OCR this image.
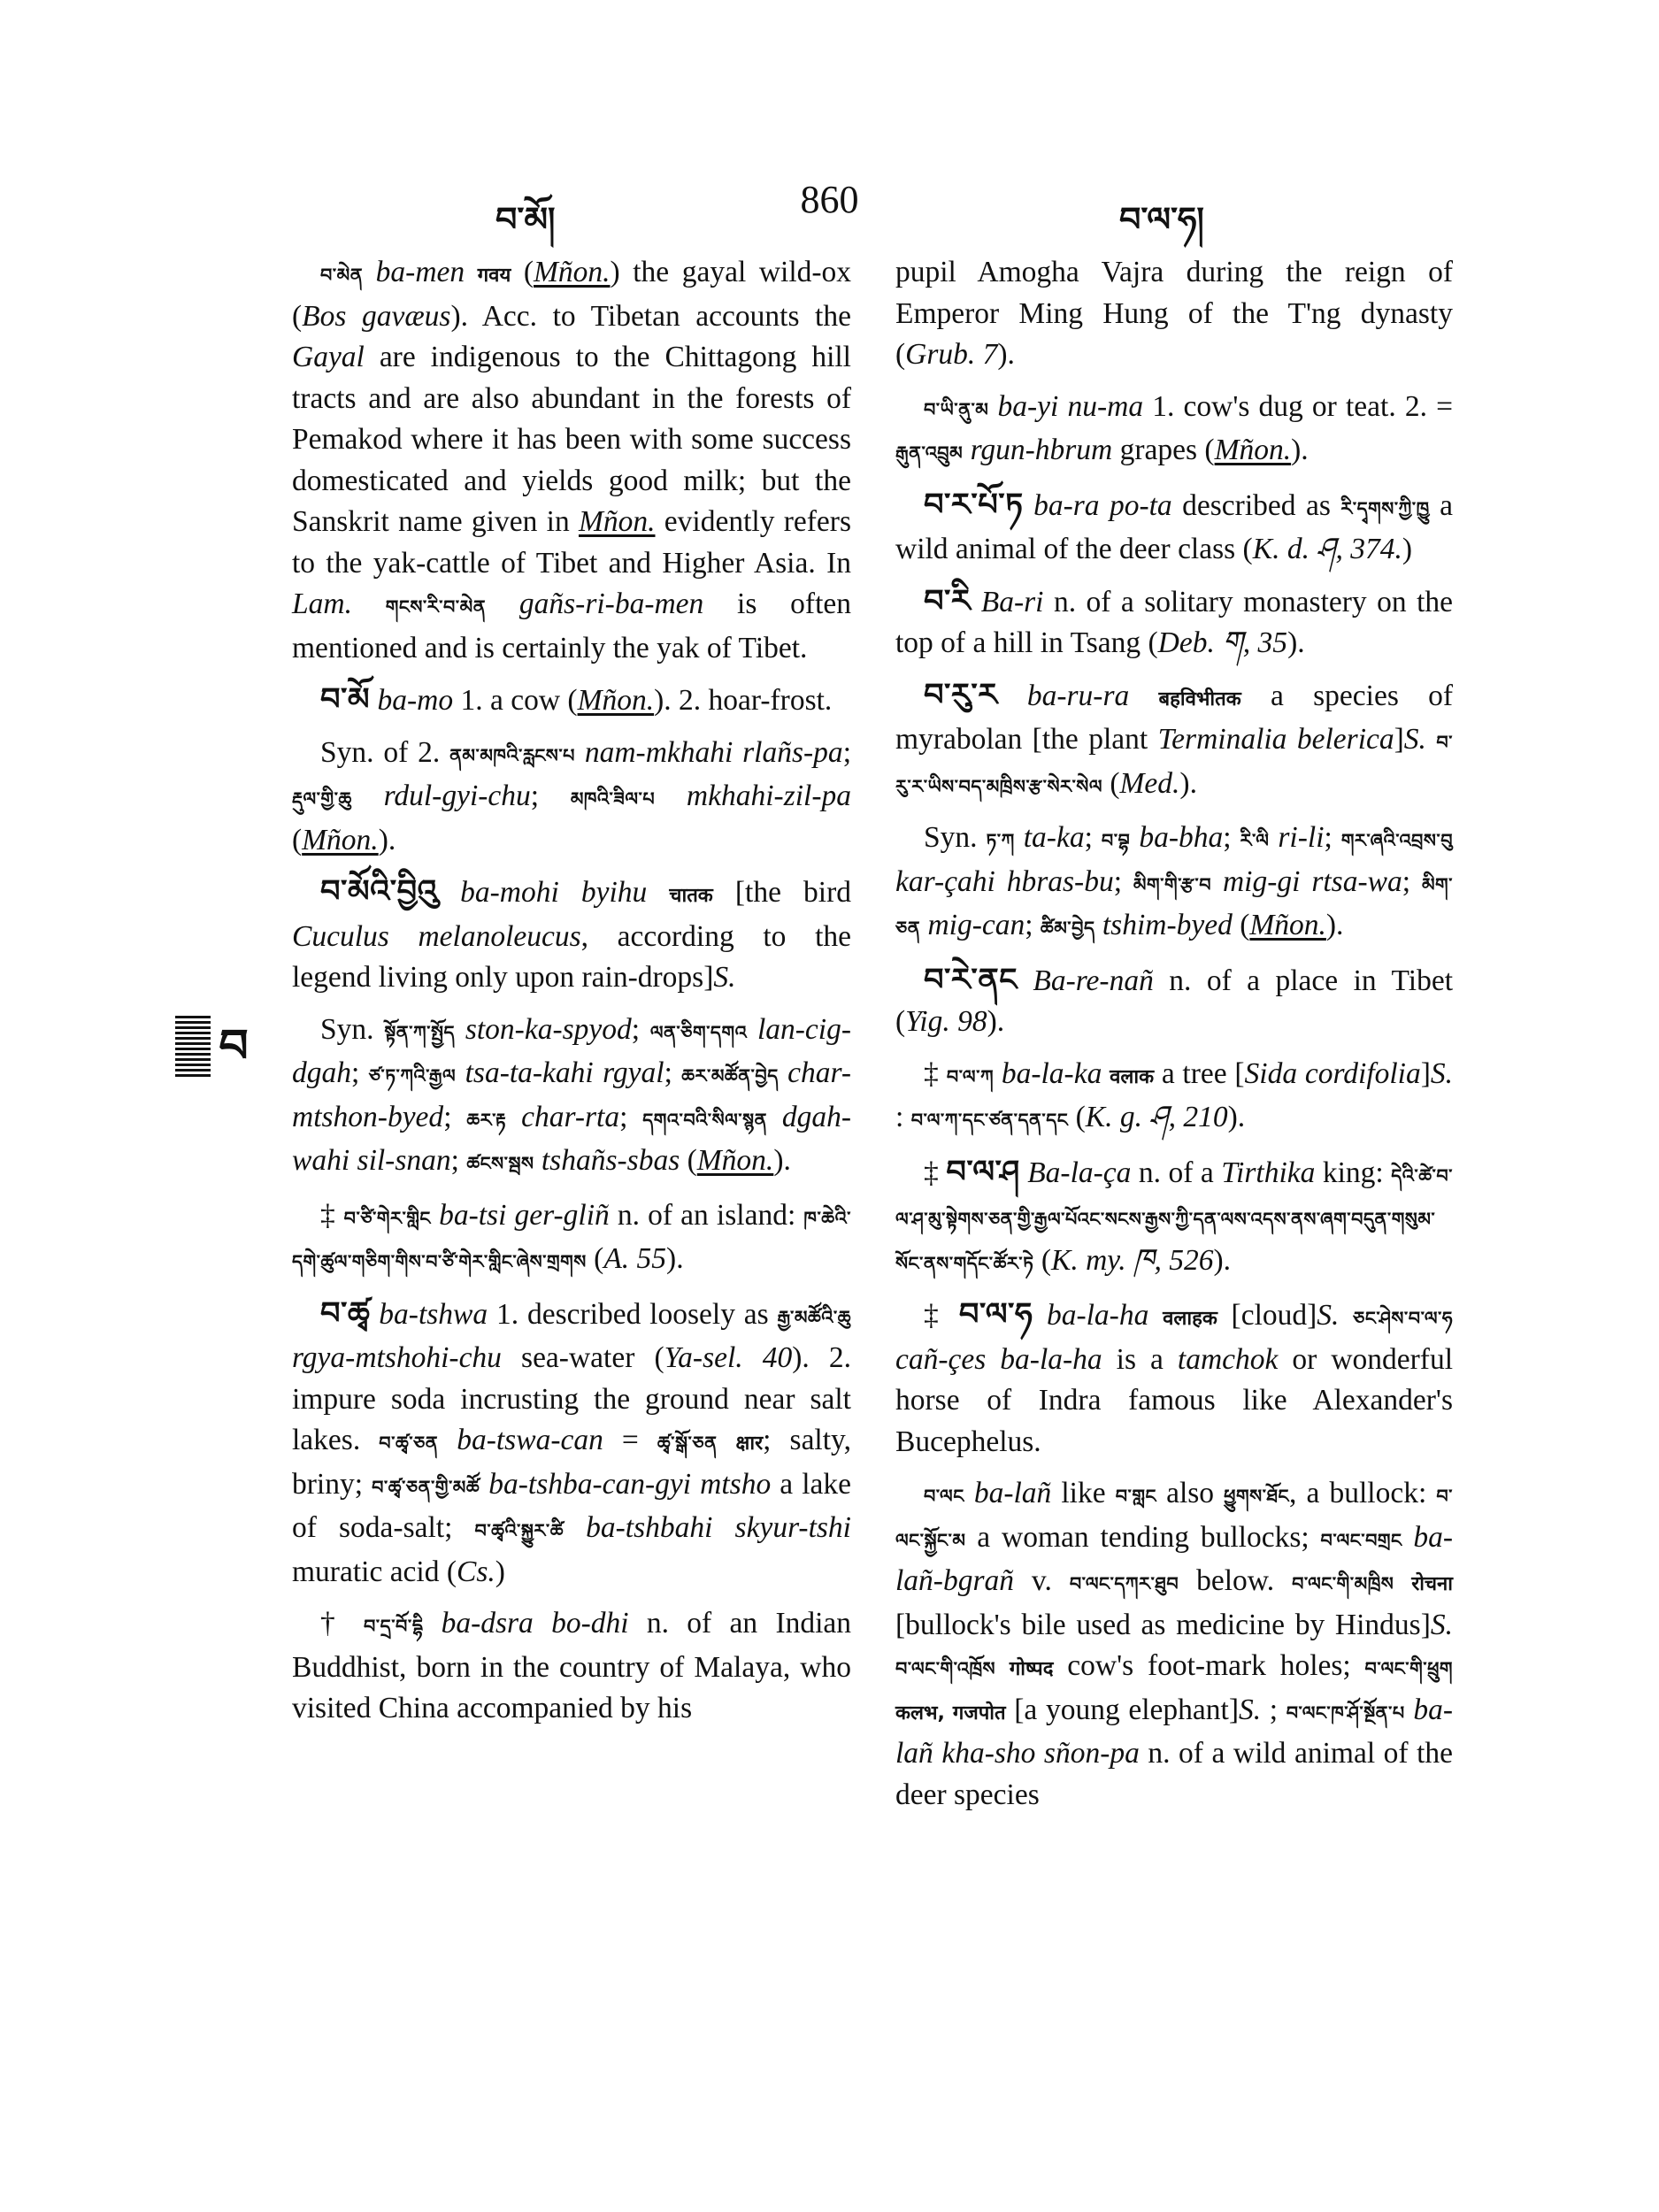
བ་མོ།	860	བ་ལ་ཧ།
བ

བ་མེན ba-men गवय (Mñon.) the gayal wild-ox (Bos gavæus). Acc. to Tibetan accounts the Gayal are indigenous to the Chittagong hill tracts and are also abundant in the forests of Pemakod where it has been with some success domesticated and yields good milk; but the Sanskrit name given in Mñon. evidently refers to the yak-cattle of Tibet and Higher Asia. In Lam. གངས་རི་བ་མེན gañs-ri-ba-men is often mentioned and is certainly the yak of Tibet.

བ་མོ ba-mo 1. a cow (Mñon.). 2. hoar-frost.

Syn. of 2. ནམ་མཁའི་རླངས་པ nam-mkhahi rlañs-pa; རྡུལ་གྱི་ཆུ rdul-gyi-chu; མཁའི་ཟིལ་པ mkhahi-zil-pa (Mñon.).

བ་མོའི་བྱིའུ ba-mohi byihu चातक [the bird Cuculus melanoleucus, according to the legend living only upon rain-drops]S.

Syn. སྟོན་ཀ་སྤྱོད ston-ka-spyod; ལན་ཅིག་དགའ lan-cig-dgah; ཙ་ཏ་ཀའི་རྒྱལ tsa-ta-kahi rgyal; ཆར་མཚོན་བྱེད char-mtshon-byed; ཆར་རྟ char-rta; དགའ་བའི་སིལ་སྙན dgah-wahi sil-snan; ཚངས་སྦས tshañs-sbas (Mñon.).

‡ བ་ཙི་གེར་གླིང ba-tsi ger-gliñ n. of an island: ཁ་ཆེའི་དགེ་ཚུལ་གཅིག་གིས་བ་ཙི་གེར་གླིང་ཞེས་གྲགས (A. 55).

བ་ཚྭ ba-tshwa 1. described loosely as རྒྱ་མཚོའི་ཆུ rgya-mtshohi-chu sea-water (Ya-sel. 40). 2. impure soda incrusting the ground near salt lakes. བ་ཚྭ་ཅན ba-tswa-can = ཚྭ་སྒོ་ཅན क्षार; salty, briny; བ་ཚྭ་ཅན་གྱི་མཚོ ba-tshba-can-gyi mtsho a lake of soda-salt; བ་ཚྭའི་སྐྱུར་ཚི ba-tshbahi skyur-tshi muratic acid (Cs.)

† བ་དྲ་བོ་དྷི ba-dsra bo-dhi n. of an Indian Buddhist, born in the country of Malaya, who visited China accompanied by his

pupil Amogha Vajra during the reign of Emperor Ming Hung of the T'ng dynasty (Grub. 7).

བ་ཡི་ནུ་མ ba-yi nu-ma 1. cow's dug or teat. 2. = རྒུན་འབྲུམ rgun-hbrum grapes (Mñon.).

བ་ར་པོ་ཏ ba-ra po-ta described as རི་དྭགས་ཀྱི་ཁྱུ a wild animal of the deer class (K. d. ཤ, 374.)

བ་རི Ba-ri n. of a solitary monastery on the top of a hill in Tsang (Deb. ག, 35).

བ་རུ་ར ba-ru-ra बहविभीतक a species of myrabolan [the plant Terminalia belerica]S. བ་རུ་ར་ཡིས་བད་མཁྲིས་རྩ་སེར་སེལ (Med.).

Syn. ཏ་ཀ ta-ka; བ་བྷ ba-bha; རི་ལི ri-li; གར་ཞའི་འབྲས་བུ kar-çahi hbras-bu; མིག་གི་རྩ་བ mig-gi rtsa-wa; མིག་ཅན mig-can; ཚིམ་བྱེད tshim-byed (Mñon.).

བ་རེ་ནང Ba-re-nañ n. of a place in Tibet (Yig. 98).

‡ བ་ལ་ཀ ba-la-ka वलाक a tree [Sida cordifolia]S. : བ་ལ་ཀ་དང་ཙན་དན་དང (K. g. ཤ, 210).

‡ བ་ལ་ཤ Ba-la-ça n. of a Tirthika king: དེའི་ཚེ་བ་ལ་ཤ་མུ་སྟེགས་ཅན་གྱི་རྒྱལ་པོའང་སངས་རྒྱས་ཀྱི་དན་ལས་འདས་ནས་ཞག་བདུན་གསུམ་སོང་ནས་གདོང་ཚོར་ཏེ (K. my. ཁ, 526).

‡ བ་ལ་ཧ ba-la-ha वलाहक [cloud]S. ཅང་ཤེས་བ་ལ་ཧ cañ-çes ba-la-ha is a tamchok or wonderful horse of Indra famous like Alexander's Bucephelus.

བ་ལང ba-lañ like བ་གླང also ཕྱུགས་ཐོང, a bullock: བ་ལང་སྐྱོང་མ a woman tending bullocks; བ་ལང་བགྲང ba-lañ-bgrañ v. བ་ལང་དཀར་ཐུབ below. བ་ལང་གི་མཁྲིས रोचना [bullock's bile used as medicine by Hindus]S. བ་ལང་གི་འཁྲོས गोष्पद cow's foot-mark holes; བ་ལང་གི་ཕྲུག कलभ, गजपोत [a young elephant]S. ; བ་ལང་ཁ་ཤོ་སྔོན་པ ba-lañ kha-sho sñon-pa n. of a wild animal of the deer species
